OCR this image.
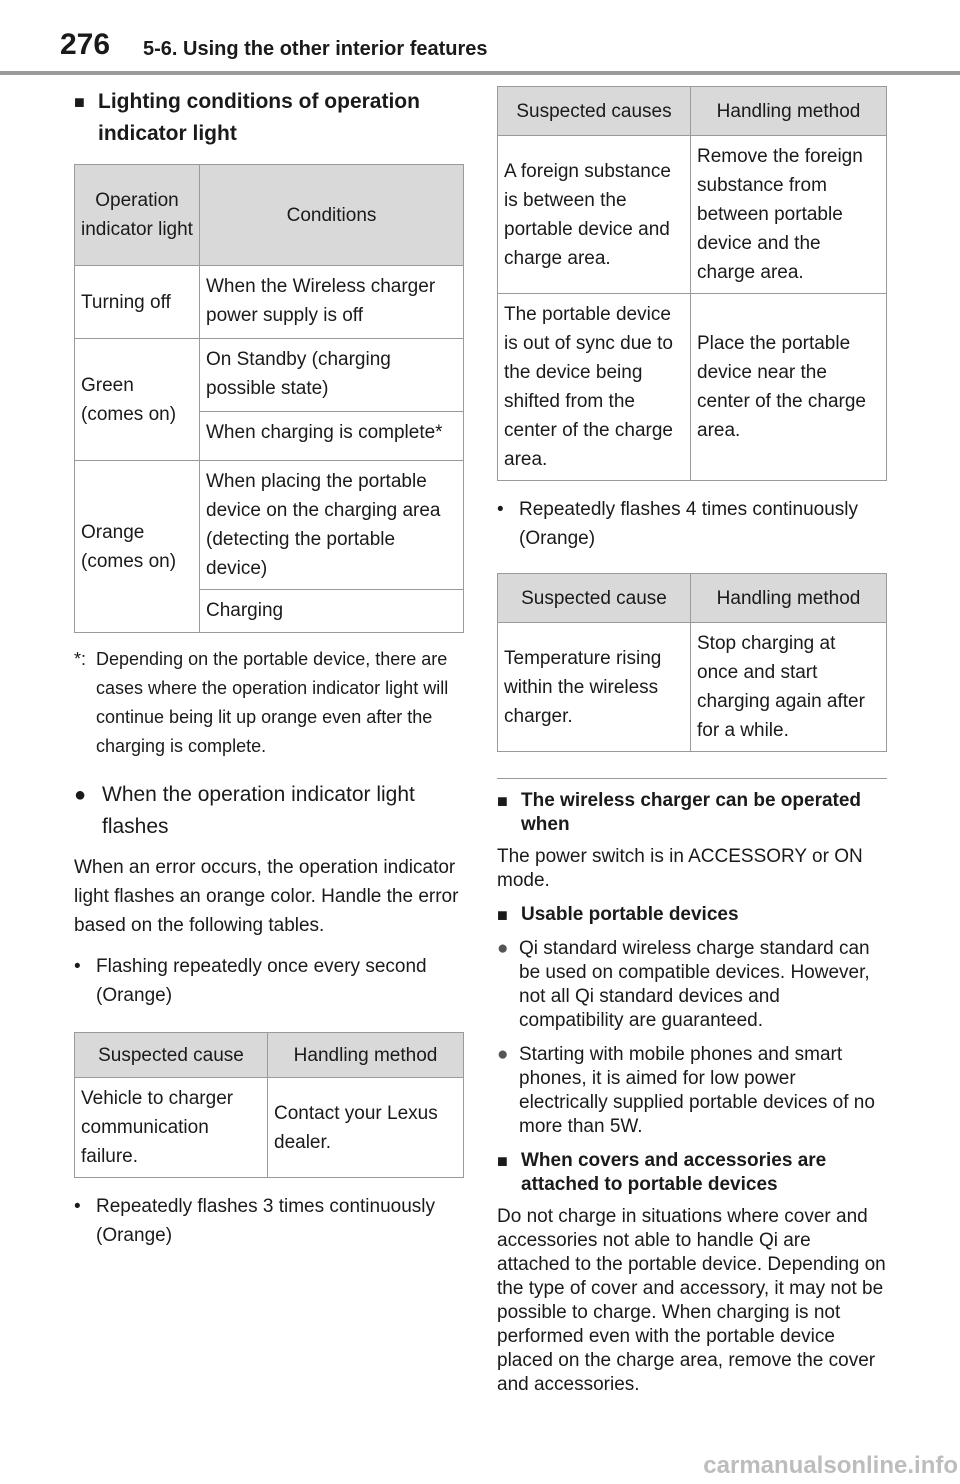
276 5-6. Using the other interior features
■ Lighting conditions of operation indicator light
Operation indicator light	Conditions
Turning off	When the Wireless charger power supply is off
Green (comes on)	On Standby (charging possible state)
	When charging is complete*
Orange (comes on)	When placing the portable device on the charging area (detecting the portable device)
	Charging
*: Depending on the portable device, there are cases where the operation indicator light will continue being lit up orange even after the charging is complete.
● When the operation indicator light flashes
When an error occurs, the operation indicator light flashes an orange color. Handle the error based on the following tables.
• Flashing repeatedly once every second (Orange)
Suspected cause	Handling method
Vehicle to charger communication failure.	Contact your Lexus dealer.
• Repeatedly flashes 3 times continuously (Orange)
Suspected causes	Handling method
A foreign substance is between the portable device and charge area.	Remove the foreign substance from between portable device and the charge area.
The portable device is out of sync due to the device being shifted from the center of the charge area.	Place the portable device near the center of the charge area.
• Repeatedly flashes 4 times continuously (Orange)
Suspected cause	Handling method
Temperature rising within the wireless charger.	Stop charging at once and start charging again after for a while.
■ The wireless charger can be operated when
The power switch is in ACCESSORY or ON mode.
■ Usable portable devices
● Qi standard wireless charge standard can be used on compatible devices. However, not all Qi standard devices and compatibility are guaranteed.
● Starting with mobile phones and smart phones, it is aimed for low power electrically supplied portable devices of no more than 5W.
■ When covers and accessories are attached to portable devices
Do not charge in situations where cover and accessories not able to handle Qi are attached to the portable device. Depending on the type of cover and accessory, it may not be possible to charge. When charging is not performed even with the portable device placed on the charge area, remove the cover and accessories.
carmanualsonline.info
